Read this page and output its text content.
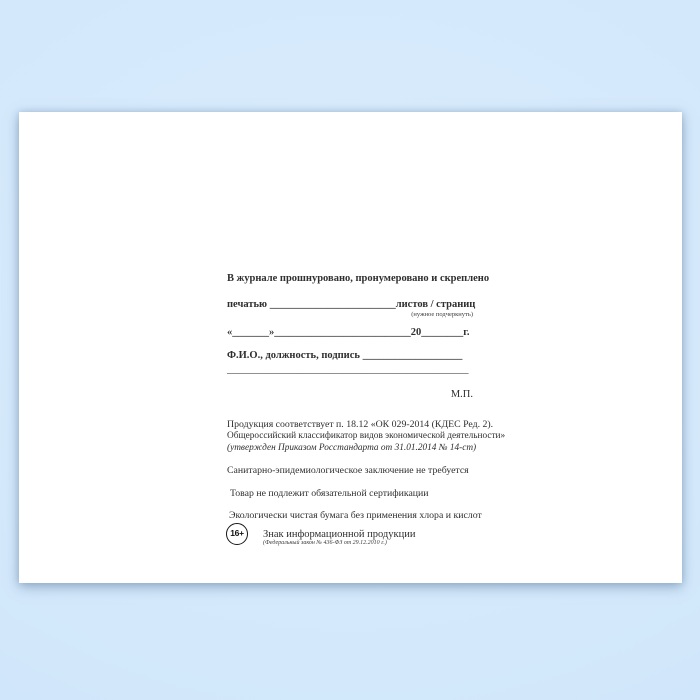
В журнале прошнуровано, пронумеровано и скреплено
печатью ________________________листов / страниц
(нужное подчеркнуть)
«_______»__________________________20________г.
Ф.И.О., должность, подпись ___________________
______________________________________________
М.П.
Продукция соответствует п. 18.12 «ОК 029-2014 (КДЕС Ред. 2).
Общероссийский классификатор видов экономической деятельности»
(утвержден Приказом Росстандарта от 31.01.2014 № 14-ст)
Санитарно-эпидемиологическое заключение не требуется
Товар не подлежит обязательной сертификации
Экологически чистая бумага без применения хлора и кислот
16+	Знак информационной продукции
(Федеральный закон № 436-ФЗ от 29.12.2010 г.)
